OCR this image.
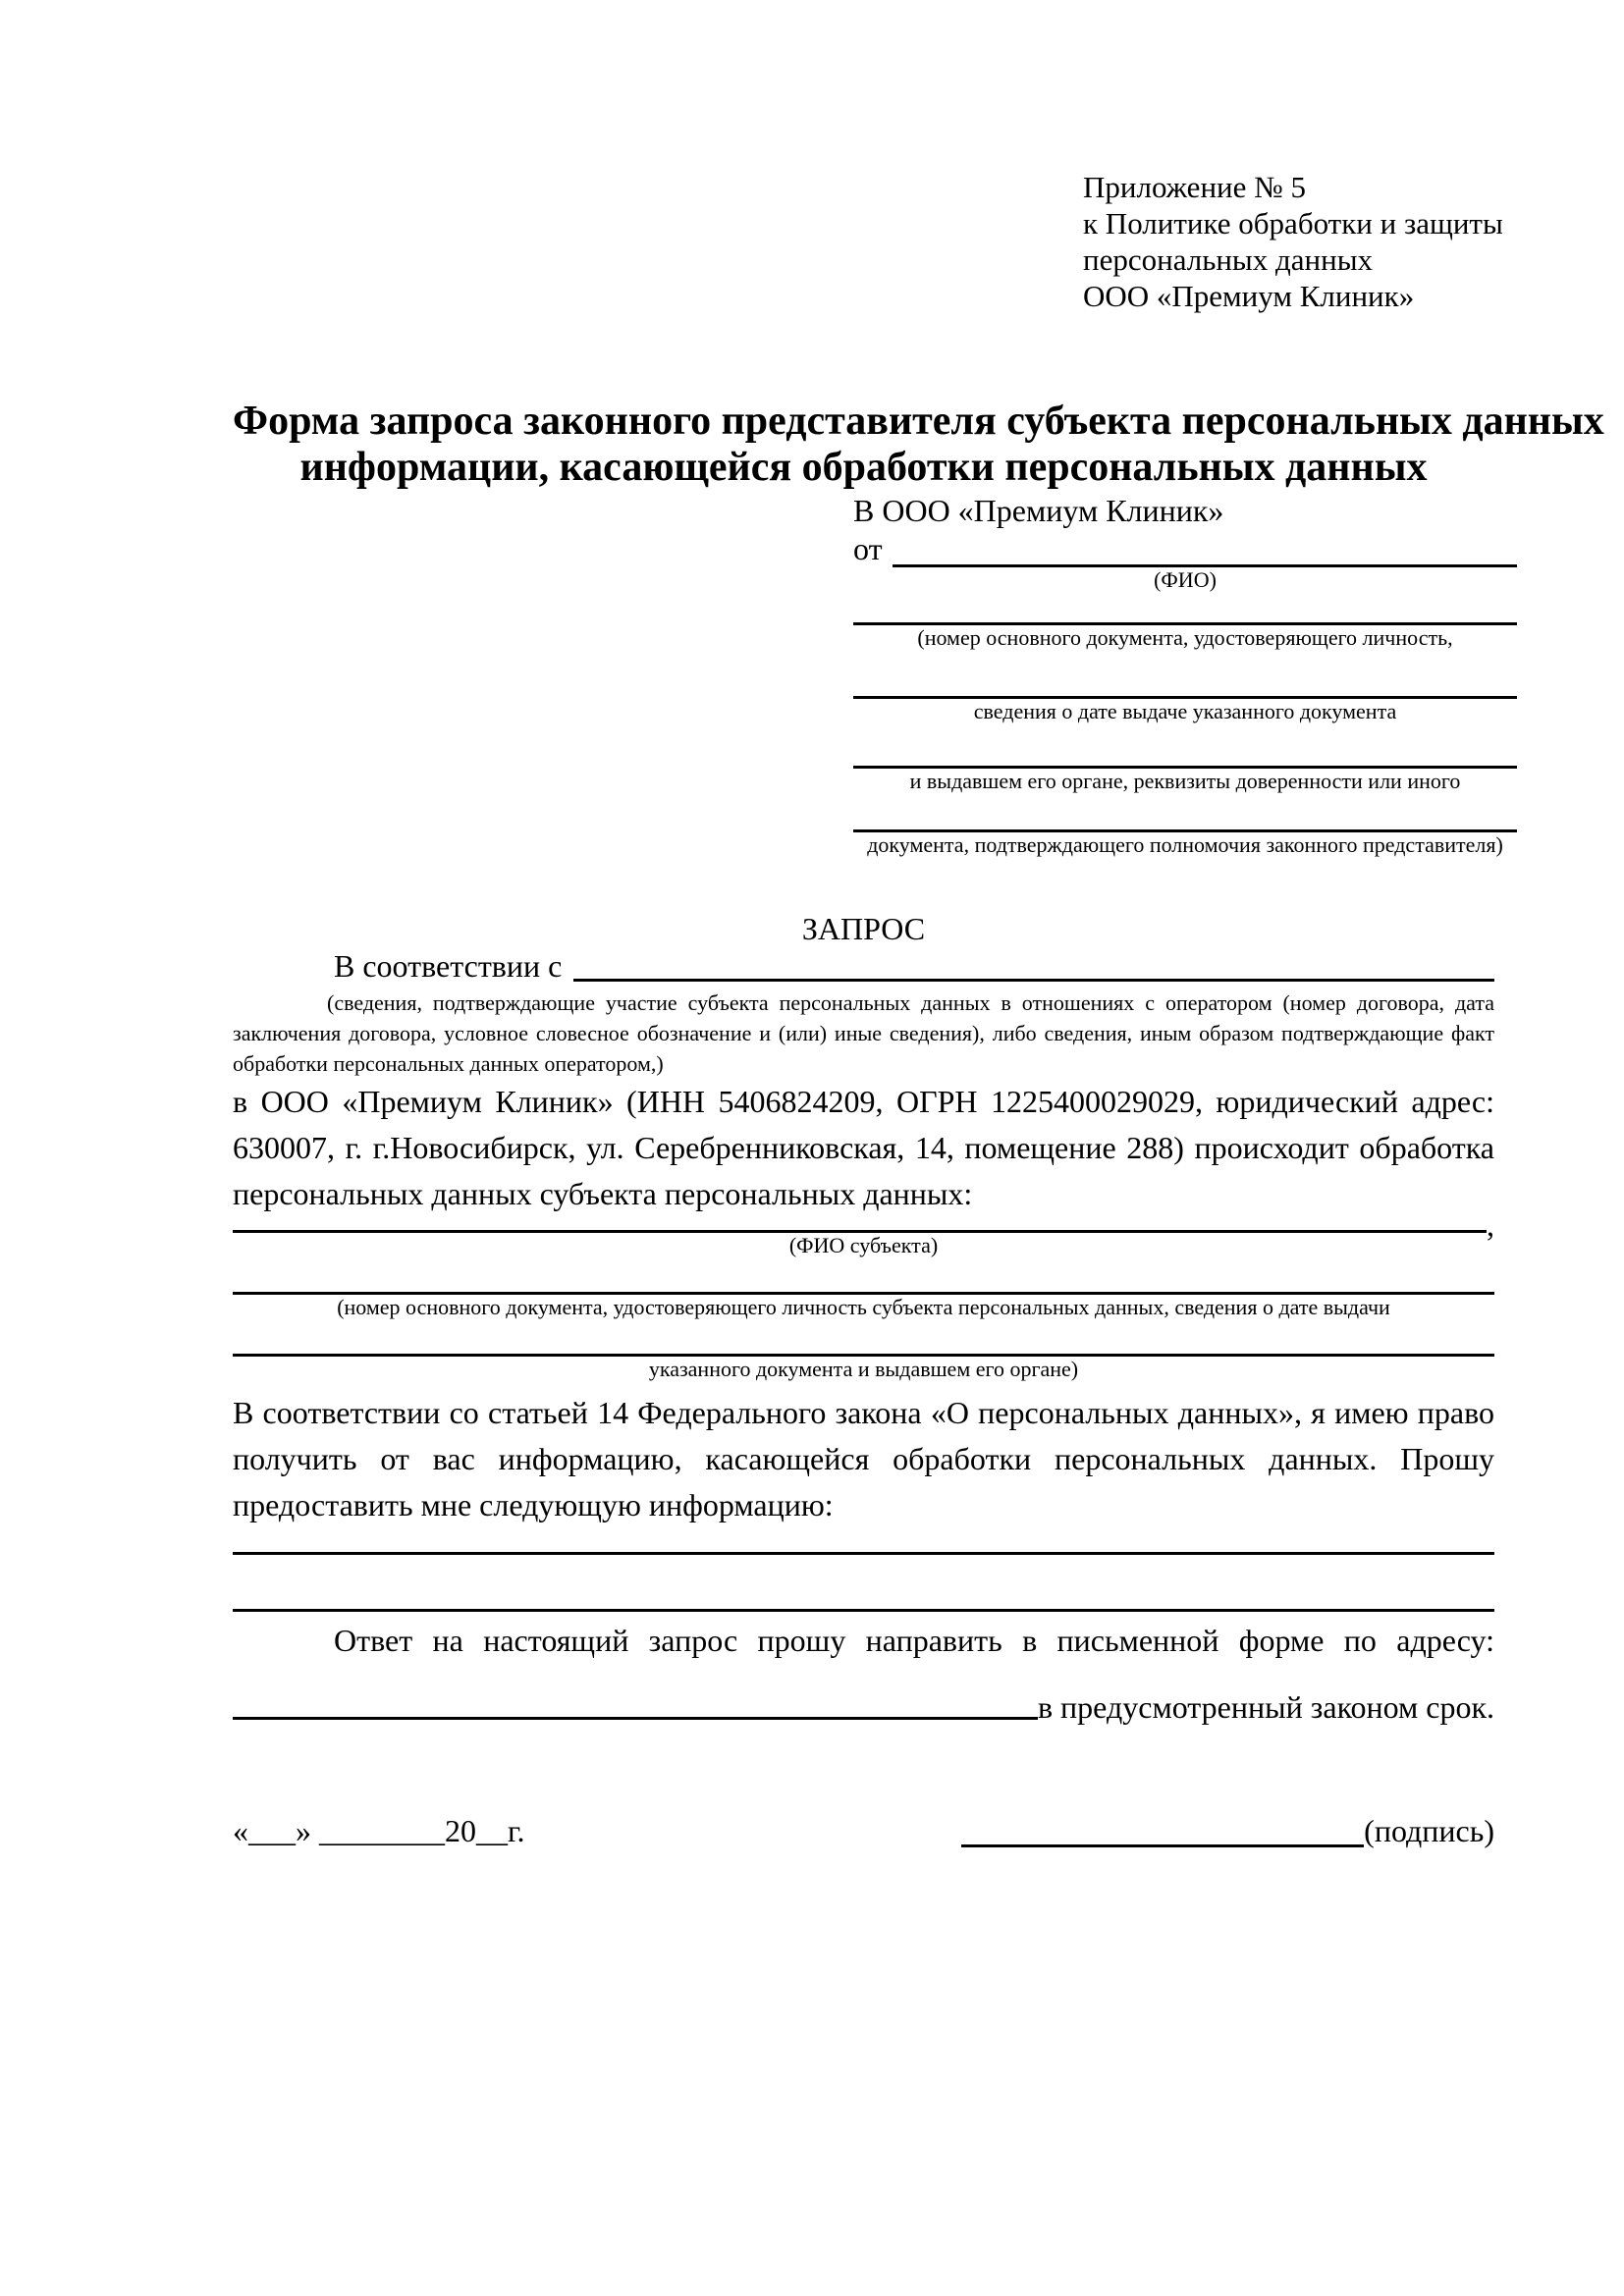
Приложение № 5
к Политике обработки и защиты
персональных данных
ООО «Премиум Клиник»
Форма запроса законного представителя субъекта персональных данных
информации, касающейся обработки персональных данных
В ООО «Премиум Клиник»
от
(ФИО)
(номер основного документа, удостоверяющего личность,
сведения о дате выдаче указанного документа
и выдавшем его органе, реквизиты доверенности или иного
документа, подтверждающего полномочия законного представителя)
ЗАПРОС
В соответствии с

(сведения, подтверждающие участие субъекта персональных данных в отношениях с оператором (номер договора, дата заключения договора, условное словесное обозначение и (или) иные сведения), либо сведения, иным образом подтверждающие факт обработки персональных данных оператором,)

в ООО «Премиум Клиник» (ИНН 5406824209, ОГРН 1225400029029, юридический адрес: 630007, г. г.Новосибирск, ул. Серебренниковская, 14, помещение 288) происходит обработка персональных данных субъекта персональных данных:

,
(ФИО субъекта)
(номер основного документа, удостоверяющего личность субъекта персональных данных, сведения о дате выдачи
указанного документа и выдавшем его органе)

В соответствии со статьей 14 Федерального закона «О персональных данных», я имею право получить от вас информацию, касающейся обработки персональных данных. Прошу предоставить мне следующую информацию:

Ответ на настоящий запрос прошу направить в письменной форме по адресу:

в предусмотренный законом срок.
«___» ________20__г.	(подпись)
